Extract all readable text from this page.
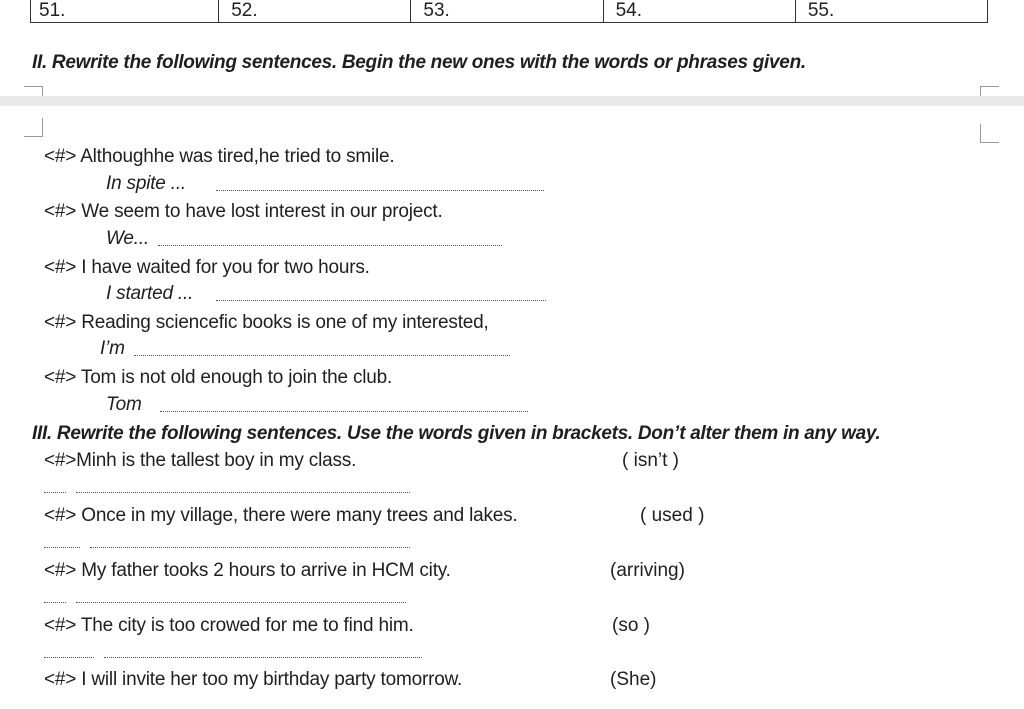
51.	52.	53.	54.	55.
II. Rewrite the following sentences. Begin the new ones with the words or phrases given.
<#> Althoughhe was tired,he tried to smile.
In spite ...
<#> We seem to have lost interest in our project.
We...
<#> I have waited for you for two hours.
I started ...
<#> Reading sciencefic books is one of my interested,
I’m
<#> Tom is not old enough to join the club.
Tom
III. Rewrite the following sentences. Use the words given in brackets. Don’t alter them in any way.
<#>Minh is the tallest boy in my class.	( isn’t )
<#> Once in my village, there were many trees and lakes.	( used )
<#> My father tooks 2 hours to arrive in HCM city.	(arriving)
<#> The city is too crowed for me to find him.	(so )
<#> I will invite her too my birthday party tomorrow.	(She)
